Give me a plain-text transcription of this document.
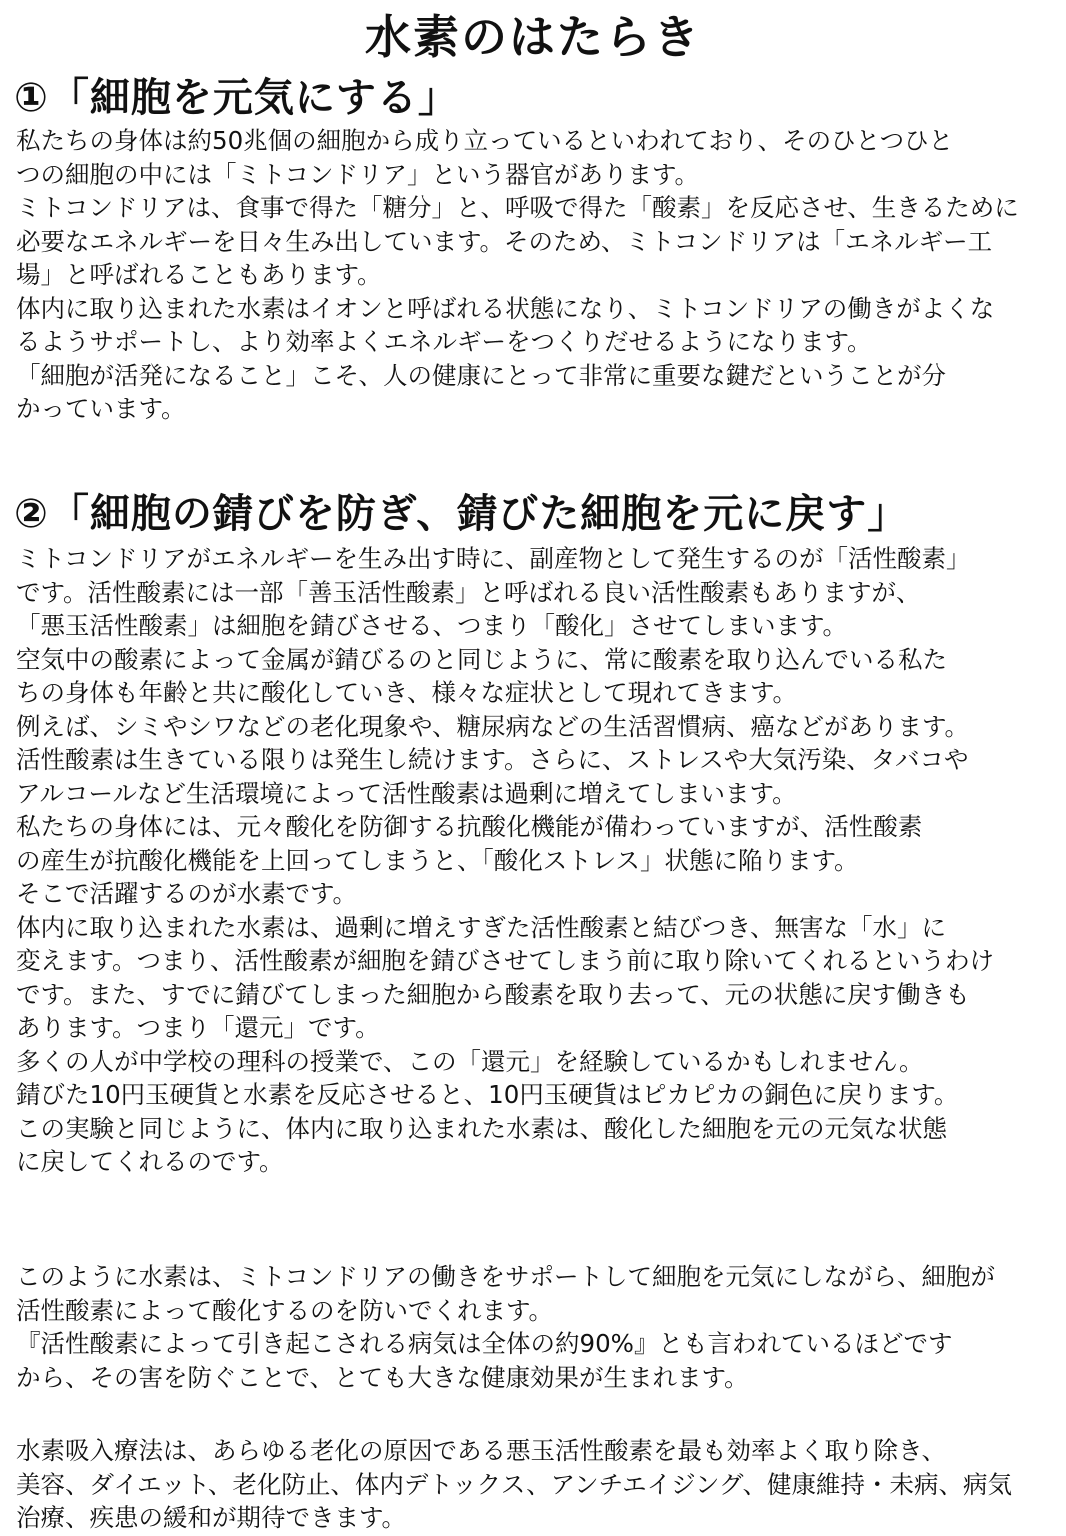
水素のはたらき
①「細胞を元気にする」
私たちの身体は約50兆個の細胞から成り立っているといわれており、そのひとつひと
つの細胞の中には「ミトコンドリア」という器官があります。
ミトコンドリアは、食事で得た「糖分」と、呼吸で得た「酸素」を反応させ、生きるために
必要なエネルギーを日々生み出しています。そのため、ミトコンドリアは「エネルギー工
場」と呼ばれることもあります。
体内に取り込まれた水素はイオンと呼ばれる状態になり、ミトコンドリアの働きがよくな
るようサポートし、より効率よくエネルギーをつくりだせるようになります。
「細胞が活発になること」こそ、人の健康にとって非常に重要な鍵だということが分
かっています。
②「細胞の錆びを防ぎ、錆びた細胞を元に戻す」
ミトコンドリアがエネルギーを生み出す時に、副産物として発生するのが「活性酸素」
です。活性酸素には一部「善玉活性酸素」と呼ばれる良い活性酸素もありますが、
「悪玉活性酸素」は細胞を錆びさせる、つまり「酸化」させてしまいます。
空気中の酸素によって金属が錆びるのと同じように、常に酸素を取り込んでいる私た
ちの身体も年齢と共に酸化していき、様々な症状として現れてきます。
例えば、シミやシワなどの老化現象や、糖尿病などの生活習慣病、癌などがあります。
活性酸素は生きている限りは発生し続けます。さらに、ストレスや大気汚染、タバコや
アルコールなど生活環境によって活性酸素は過剰に増えてしまいます。
私たちの身体には、元々酸化を防御する抗酸化機能が備わっていますが、活性酸素
の産生が抗酸化機能を上回ってしまうと、「酸化ストレス」状態に陥ります。
そこで活躍するのが水素です。
体内に取り込まれた水素は、過剰に増えすぎた活性酸素と結びつき、無害な「水」に
変えます。つまり、活性酸素が細胞を錆びさせてしまう前に取り除いてくれるというわけ
です。また、すでに錆びてしまった細胞から酸素を取り去って、元の状態に戻す働きも
あります。つまり「還元」です。
多くの人が中学校の理科の授業で、この「還元」を経験しているかもしれません。
錆びた10円玉硬貨と水素を反応させると、10円玉硬貨はピカピカの銅色に戻ります。
この実験と同じように、体内に取り込まれた水素は、酸化した細胞を元の元気な状態
に戻してくれるのです。
このように水素は、ミトコンドリアの働きをサポートして細胞を元気にしながら、細胞が
活性酸素によって酸化するのを防いでくれます。
『活性酸素によって引き起こされる病気は全体の約90%』とも言われているほどです
から、その害を防ぐことで、とても大きな健康効果が生まれます。
水素吸入療法は、あらゆる老化の原因である悪玉活性酸素を最も効率よく取り除き、
美容、ダイエット、老化防止、体内デトックス、アンチエイジング、健康維持・未病、病気
治療、疾患の緩和が期待できます。
